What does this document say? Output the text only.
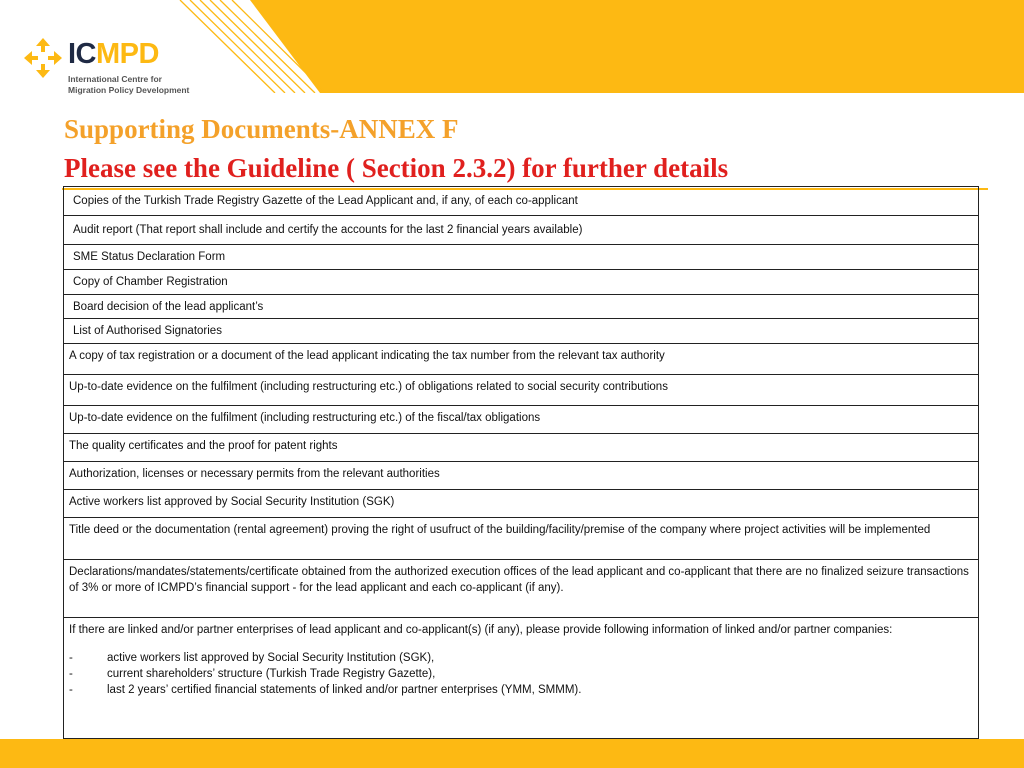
ICMPD
International Centre for
Migration Policy Development
Supporting Documents-ANNEX F
Please see the Guideline ( Section 2.3.2) for further details
Copies of the Turkish Trade Registry Gazette of the Lead Applicant and, if any, of each co-applicant
Audit report (That report shall include and certify the accounts for the last 2 financial years available)
SME Status Declaration Form
Copy of Chamber Registration
Board decision of the lead applicant’s
List of Authorised Signatories
A copy of tax registration or a document of the lead applicant indicating the tax number from the relevant tax authority
Up-to-date evidence on the fulfilment (including restructuring etc.) of obligations related to social security contributions
Up-to-date evidence on the fulfilment (including restructuring etc.) of the fiscal/tax obligations
The quality certificates and the proof for patent rights
Authorization, licenses or necessary permits from the relevant authorities
Active workers list approved by Social Security Institution (SGK)
Title deed or the documentation (rental agreement) proving the right of usufruct of the building/facility/premise of the company where project activities will be implemented
Declarations/mandates/statements/certificate obtained from the authorized execution offices of the lead applicant and co-applicant that there are no finalized seizure transactions of 3% or more of ICMPD’s financial support - for the lead applicant and each co-applicant (if any).
If there are linked and/or partner enterprises of lead applicant and co-applicant(s) (if any), please provide following information of linked and/or partner companies:
-	active workers list approved by Social Security Institution (SGK),
-	current shareholders’ structure (Turkish Trade Registry Gazette),
-	last 2 years’ certified financial statements of linked and/or partner enterprises (YMM, SMMM).
